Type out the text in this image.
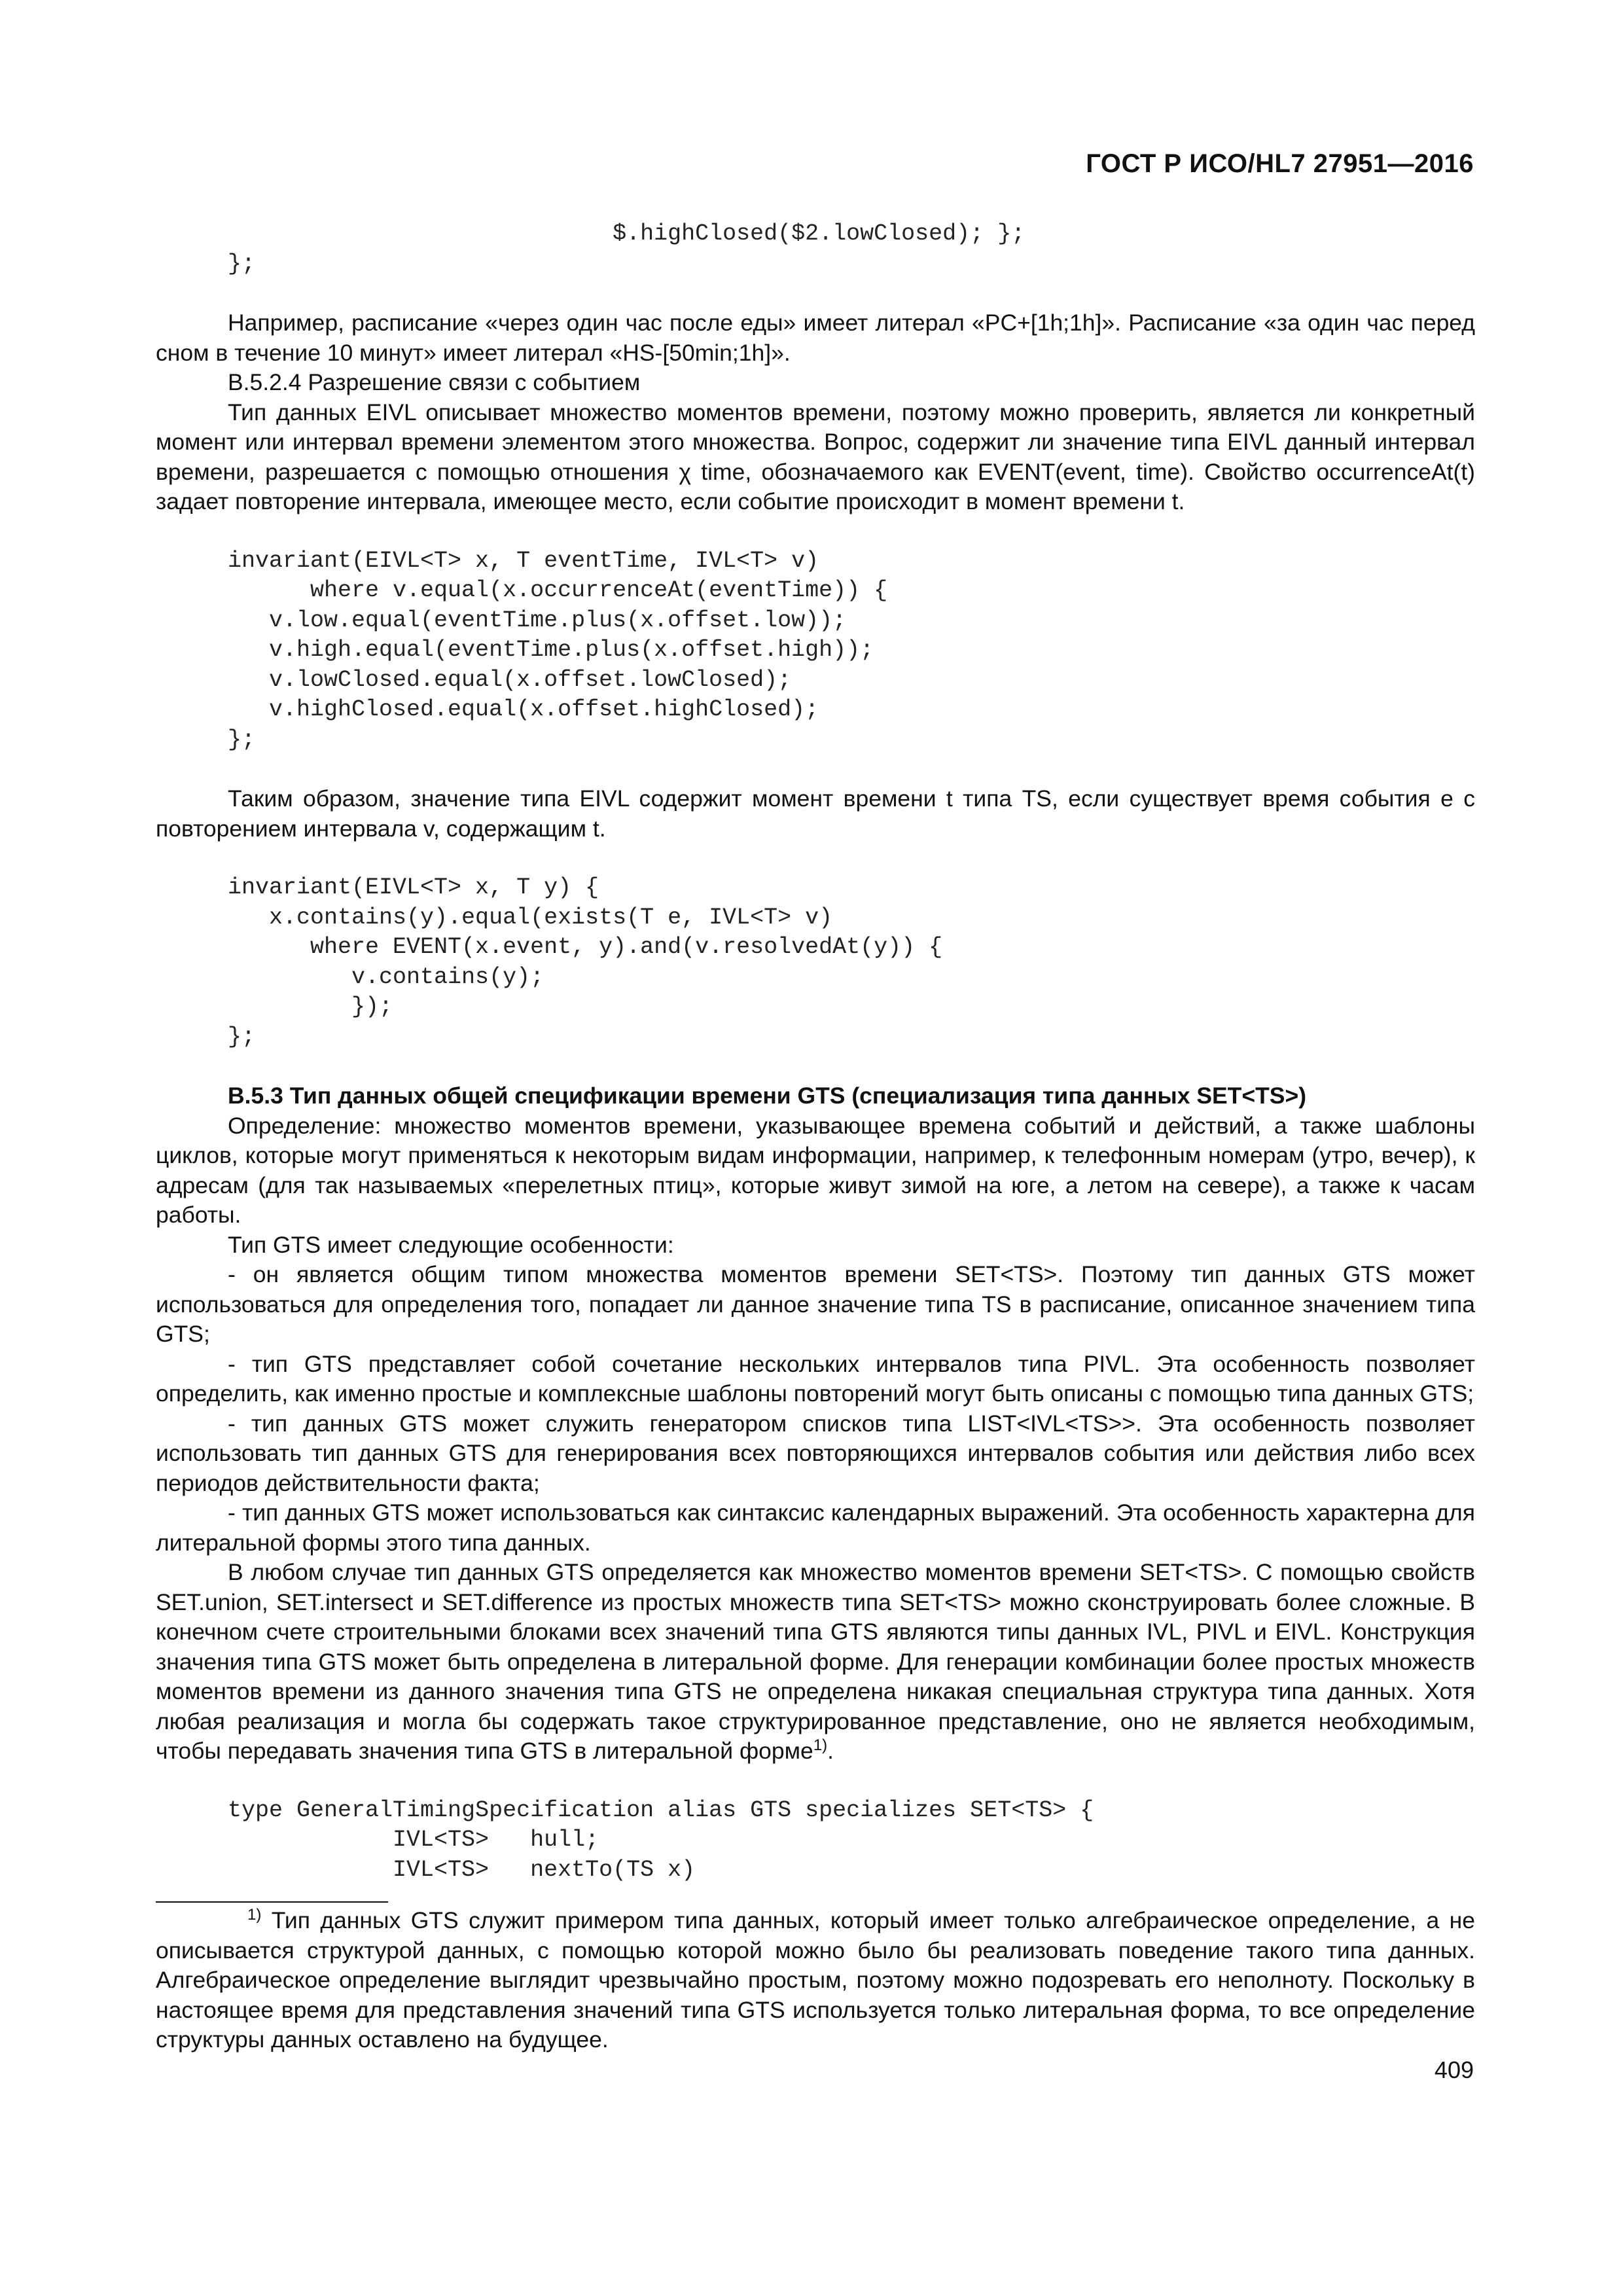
ГОСТ Р ИСО/HL7 27951—2016
$.highClosed($2.lowClosed); };
};

Например, расписание «через один час после еды» имеет литерал «PC+[1h;1h]». Расписание «за один час перед сном в течение 10 минут» имеет литерал «HS-[50min;1h]».

В.5.2.4 Разрешение связи с событием

Тип данных EIVL описывает множество моментов времени, поэтому можно проверить, является ли конкретный момент или интервал времени элементом этого множества. Вопрос, содержит ли значение типа EIVL данный интервал времени, разрешается с помощью отношения χ time, обозначаемого как EVENT(event, time). Свойство occurrenceAt(t) задает повторение интервала, имеющее место, если событие происходит в момент времени t.

invariant(EIVL<T> x, T eventTime, IVL<T> v)
where v.equal(x.occurrenceAt(eventTime)) {
v.low.equal(eventTime.plus(x.offset.low));
v.high.equal(eventTime.plus(x.offset.high));
v.lowClosed.equal(x.offset.lowClosed);
v.highClosed.equal(x.offset.highClosed);
};

Таким образом, значение типа EIVL содержит момент времени t типа TS, если существует время события e с повторением интервала v, содержащим t.

invariant(EIVL<T> x, T y) {
x.contains(y).equal(exists(T e, IVL<T> v)
where EVENT(x.event, y).and(v.resolvedAt(y)) {
v.contains(y);
});
};

В.5.3 Тип данных общей спецификации времени GTS (специализация типа данных SET<TS>)

Определение: множество моментов времени, указывающее времена событий и действий, а также шаблоны циклов, которые могут применяться к некоторым видам информации, например, к телефонным номерам (утро, вечер), к адресам (для так называемых «перелетных птиц», которые живут зимой на юге, а летом на севере), а также к часам работы.

Тип GTS имеет следующие особенности:

- он является общим типом множества моментов времени SET<TS>. Поэтому тип данных GTS может использоваться для определения того, попадает ли данное значение типа TS в расписание, описанное значением типа GTS;

- тип GTS представляет собой сочетание нескольких интервалов типа PIVL. Эта особенность позволяет определить, как именно простые и комплексные шаблоны повторений могут быть описаны с помощью типа данных GTS;

- тип данных GTS может служить генератором списков типа LIST<IVL<TS>>. Эта особенность позволяет использовать тип данных GTS для генерирования всех повторяющихся интервалов события или действия либо всех периодов действительности факта;

- тип данных GTS может использоваться как синтаксис календарных выражений. Эта особенность характерна для литеральной формы этого типа данных.

В любом случае тип данных GTS определяется как множество моментов времени SET<TS>. С помощью свойств SET.union, SET.intersect и SET.difference из простых множеств типа SET<TS> можно сконструировать более сложные. В конечном счете строительными блоками всех значений типа GTS являются типы данных IVL, PIVL и EIVL. Конструкция значения типа GTS может быть определена в литеральной форме. Для генерации комбинации более простых множеств моментов времени из данного значения типа GTS не определена никакая специальная структура типа данных. Хотя любая реализация и могла бы содержать такое структурированное представление, оно не является необходимым, чтобы передавать значения типа GTS в литеральной форме$^{1)}$.

type GeneralTimingSpecification alias GTS specializes SET<TS> {
IVL<TS>   hull;
IVL<TS>   nextTo(TS x)

$^{1)}$ Тип данных GTS служит примером типа данных, который имеет только алгебраическое определение, а не описывается структурой данных, с помощью которой можно было бы реализовать поведение такого типа данных. Алгебраическое определение выглядит чрезвычайно простым, поэтому можно подозревать его неполноту. Поскольку в настоящее время для представления значений типа GTS используется только литеральная форма, то все определение структуры данных оставлено на будущее.

409
